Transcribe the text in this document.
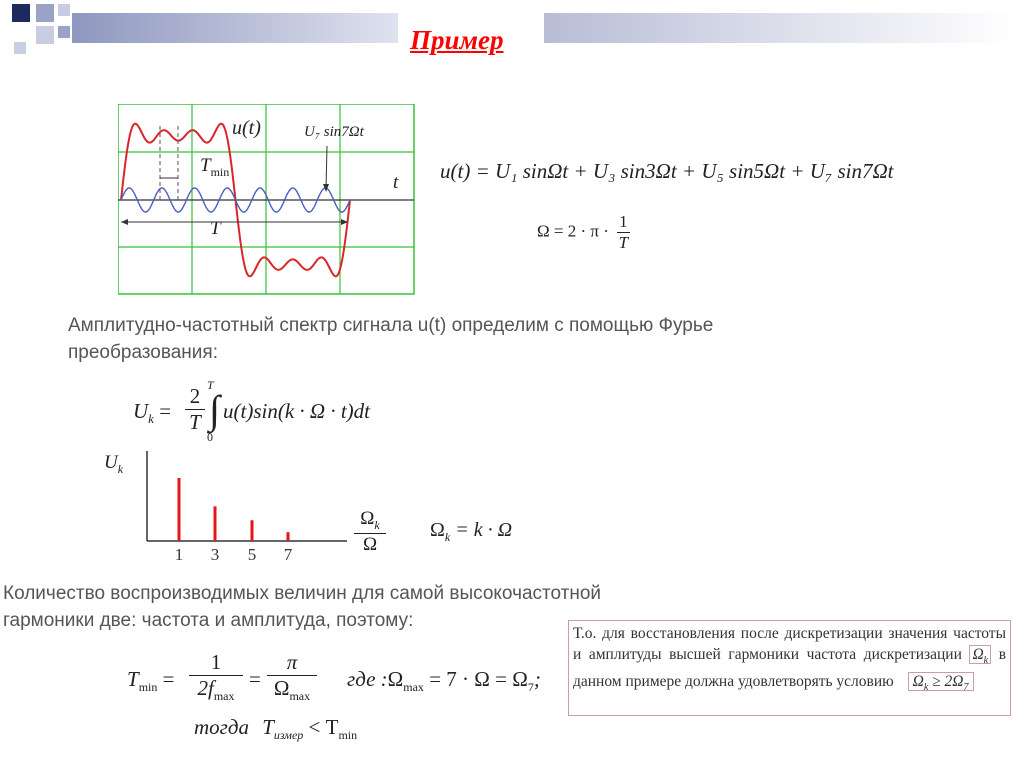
Пример
u(t)	U₇ sin7Ωt
$T_{min}$
T
t u(t) = U₁ sinΩt + U₃ sin3Ωt + U₅ sin5Ωt + U₇ sin7Ωt
$\Omega = 2 \cdot \pi \cdot \frac{1}{T}$
Амплитудно-частотный спектр сигнала u(t) определим с помощью Фурье преобразования:
$U_k$ =
2
T
T
∫
0
u(t)sin(k · Ω · t)dt
1 3 5 7
$U_k$
$\Omega_k$
Ω
$\Omega_k = k \cdot \Omega$
Количество воспроизводимых величин для самой высокочастотной гармоники две: частота и амплитуда, поэтому:
$T_{min}$ =
1
$2f_{max}$
=
π
$\Omega_{max}$
где $:\Omega_{max} = 7 \cdot \Omega = \Omega_7$;
тогда $T_{измер} < T_{min}$
Т.о. для восстановления после дискретизации значения частоты и амплитуды высшей гармоники частота дискретизации $\Omega_k$ в данном примере должна удовлетворять условию $\Omega_k \ge 2\Omega_7$
